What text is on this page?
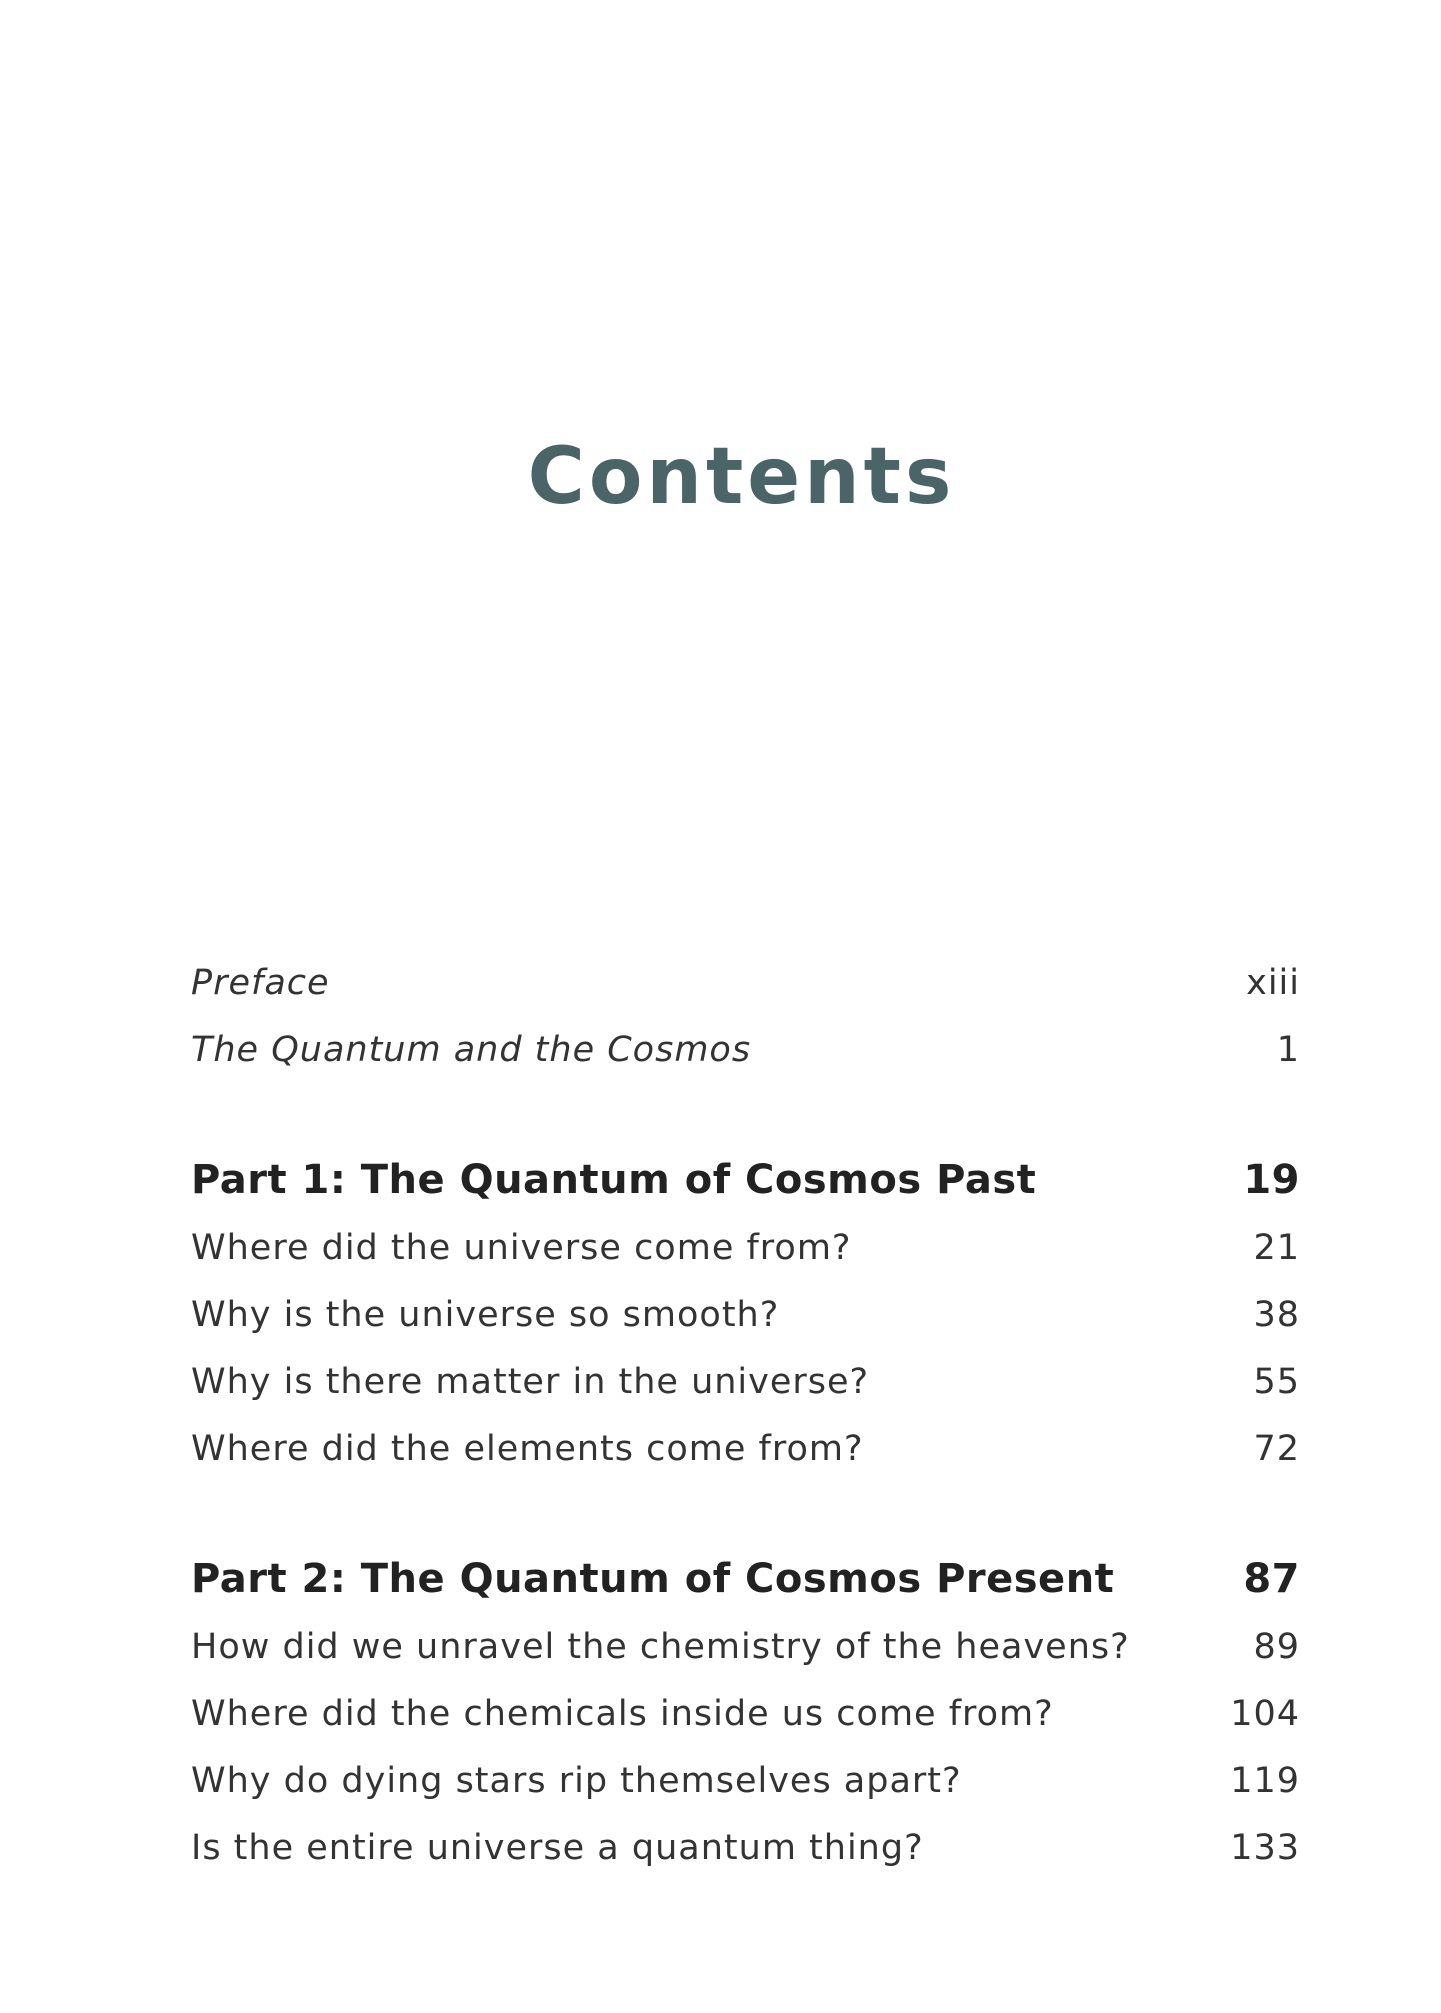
Contents
Preface	xiii
The Quantum and the Cosmos	1
Part 1: The Quantum of Cosmos Past	19
Where did the universe come from?	21
Why is the universe so smooth?	38
Why is there matter in the universe?	55
Where did the elements come from?	72
Part 2: The Quantum of Cosmos Present	87
How did we unravel the chemistry of the heavens?	89
Where did the chemicals inside us come from?	104
Why do dying stars rip themselves apart?	119
Is the entire universe a quantum thing?	133
